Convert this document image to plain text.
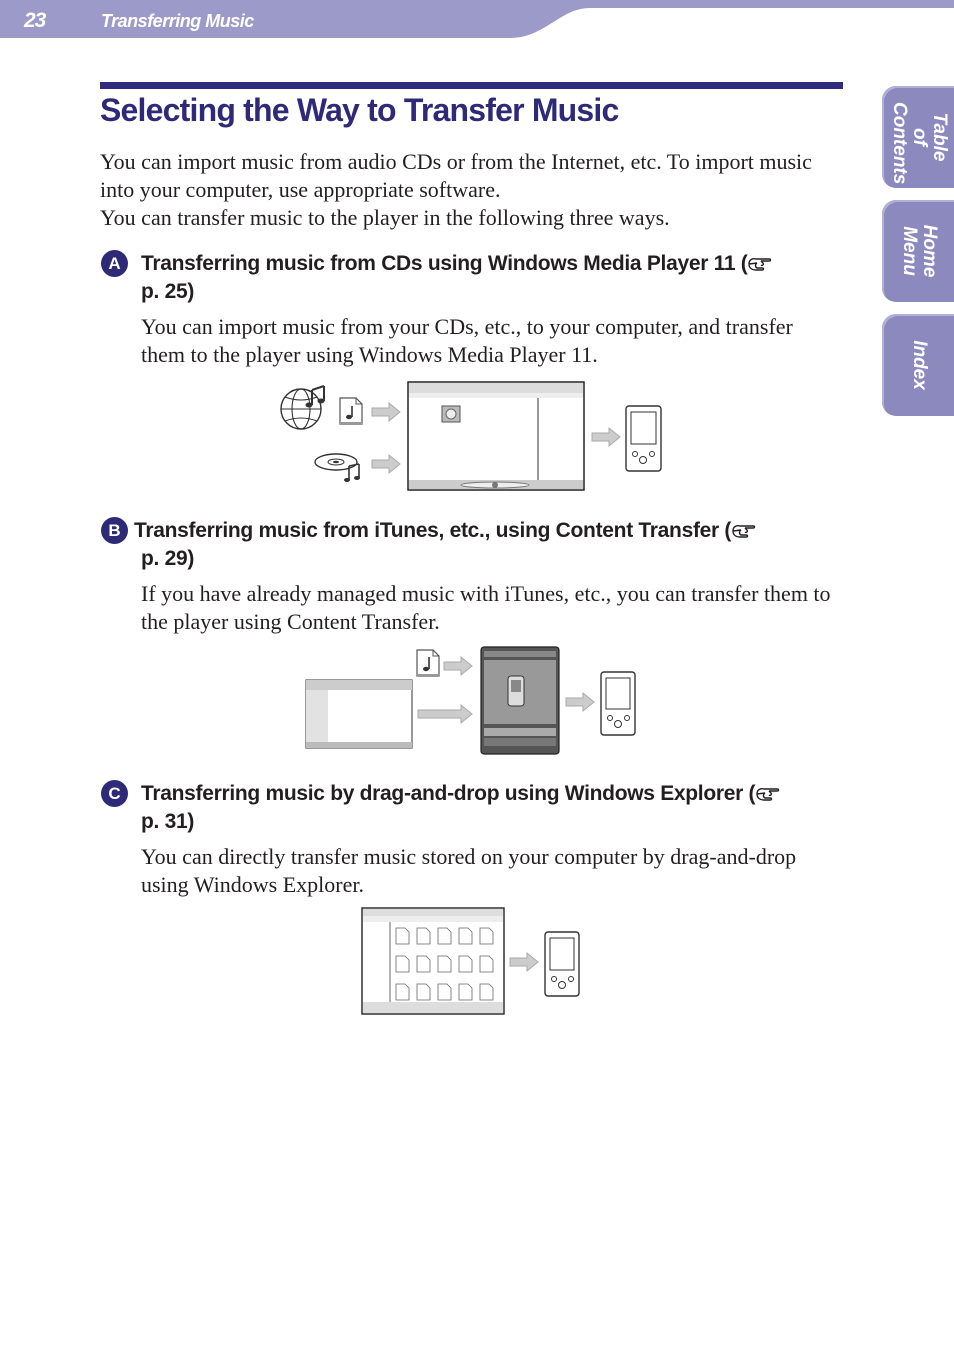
23	Transferring Music
Selecting the Way to Transfer Music

You can import music from audio CDs or from the Internet, etc. To import music into your computer, use appropriate software.
You can transfer music to the player in the following three ways.

A Transferring music from CDs using Windows Media Player 11 (
p. 25)

You can import music from your CDs, etc., to your computer, and transfer them to the player using Windows Media Player 11.

B Transferring music from iTunes, etc., using Content Transfer (
p. 29)

If you have already managed music with iTunes, etc., you can transfer them to the player using Content Transfer.

C Transferring music by drag-and-drop using Windows Explorer (
p. 31)

You can directly transfer music stored on your computer by drag-and-drop using Windows Explorer.

Table of Contents
Home Menu
Index
